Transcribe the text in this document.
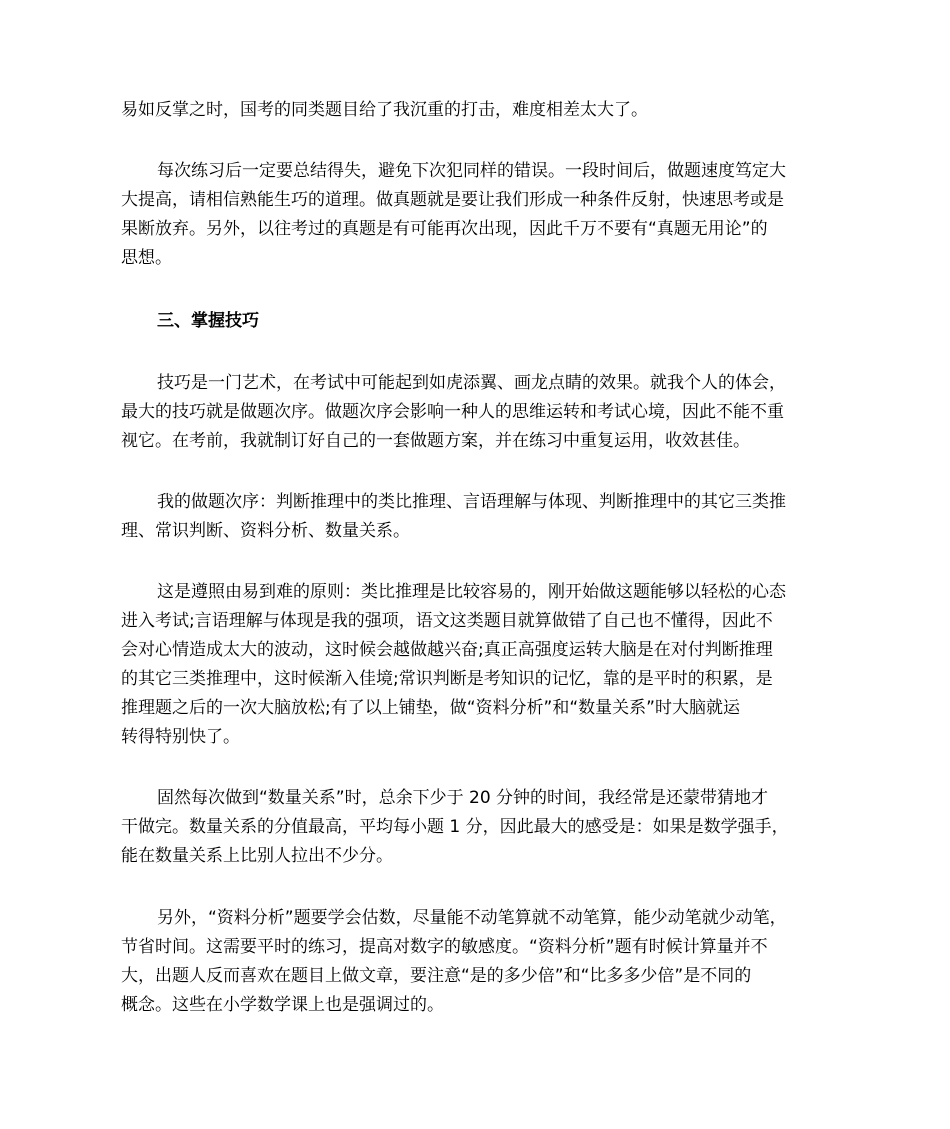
易如反掌之时，国考的同类题目给了我沉重的打击，难度相差太大了。
每次练习后一定要总结得失，避免下次犯同样的错误。一段时间后，做题速度笃定大
大提高，请相信熟能生巧的道理。做真题就是要让我们形成一种条件反射，快速思考或是
果断放弃。另外，以往考过的真题是有可能再次出现，因此千万不要有“真题无用论”的
思想。
三、掌握技巧
技巧是一门艺术，在考试中可能起到如虎添翼、画龙点睛的效果。就我个人的体会，
最大的技巧就是做题次序。做题次序会影响一种人的思维运转和考试心境，因此不能不重
视它。在考前，我就制订好自己的一套做题方案，并在练习中重复运用，收效甚佳。
我的做题次序：判断推理中的类比推理、言语理解与体现、判断推理中的其它三类推
理、常识判断、资料分析、数量关系。
这是遵照由易到难的原则：类比推理是比较容易的，刚开始做这题能够以轻松的心态
进入考试;言语理解与体现是我的强项，语文这类题目就算做错了自己也不懂得，因此不
会对心情造成太大的波动，这时候会越做越兴奋;真正高强度运转大脑是在对付判断推理
的其它三类推理中，这时候渐入佳境;常识判断是考知识的记忆，靠的是平时的积累，是
推理题之后的一次大脑放松;有了以上铺垫，做“资料分析”和“数量关系”时大脑就运
转得特别快了。
固然每次做到“数量关系”时，总余下少于 20 分钟的时间，我经常是还蒙带猜地才
干做完。数量关系的分值最高，平均每小题 1 分，因此最大的感受是：如果是数学强手，
能在数量关系上比别人拉出不少分。
另外，“资料分析”题要学会估数，尽量能不动笔算就不动笔算，能少动笔就少动笔，
节省时间。这需要平时的练习，提高对数字的敏感度。“资料分析”题有时候计算量并不
大，出题人反而喜欢在题目上做文章，要注意“是的多少倍”和“比多多少倍”是不同的
概念。这些在小学数学课上也是强调过的。
